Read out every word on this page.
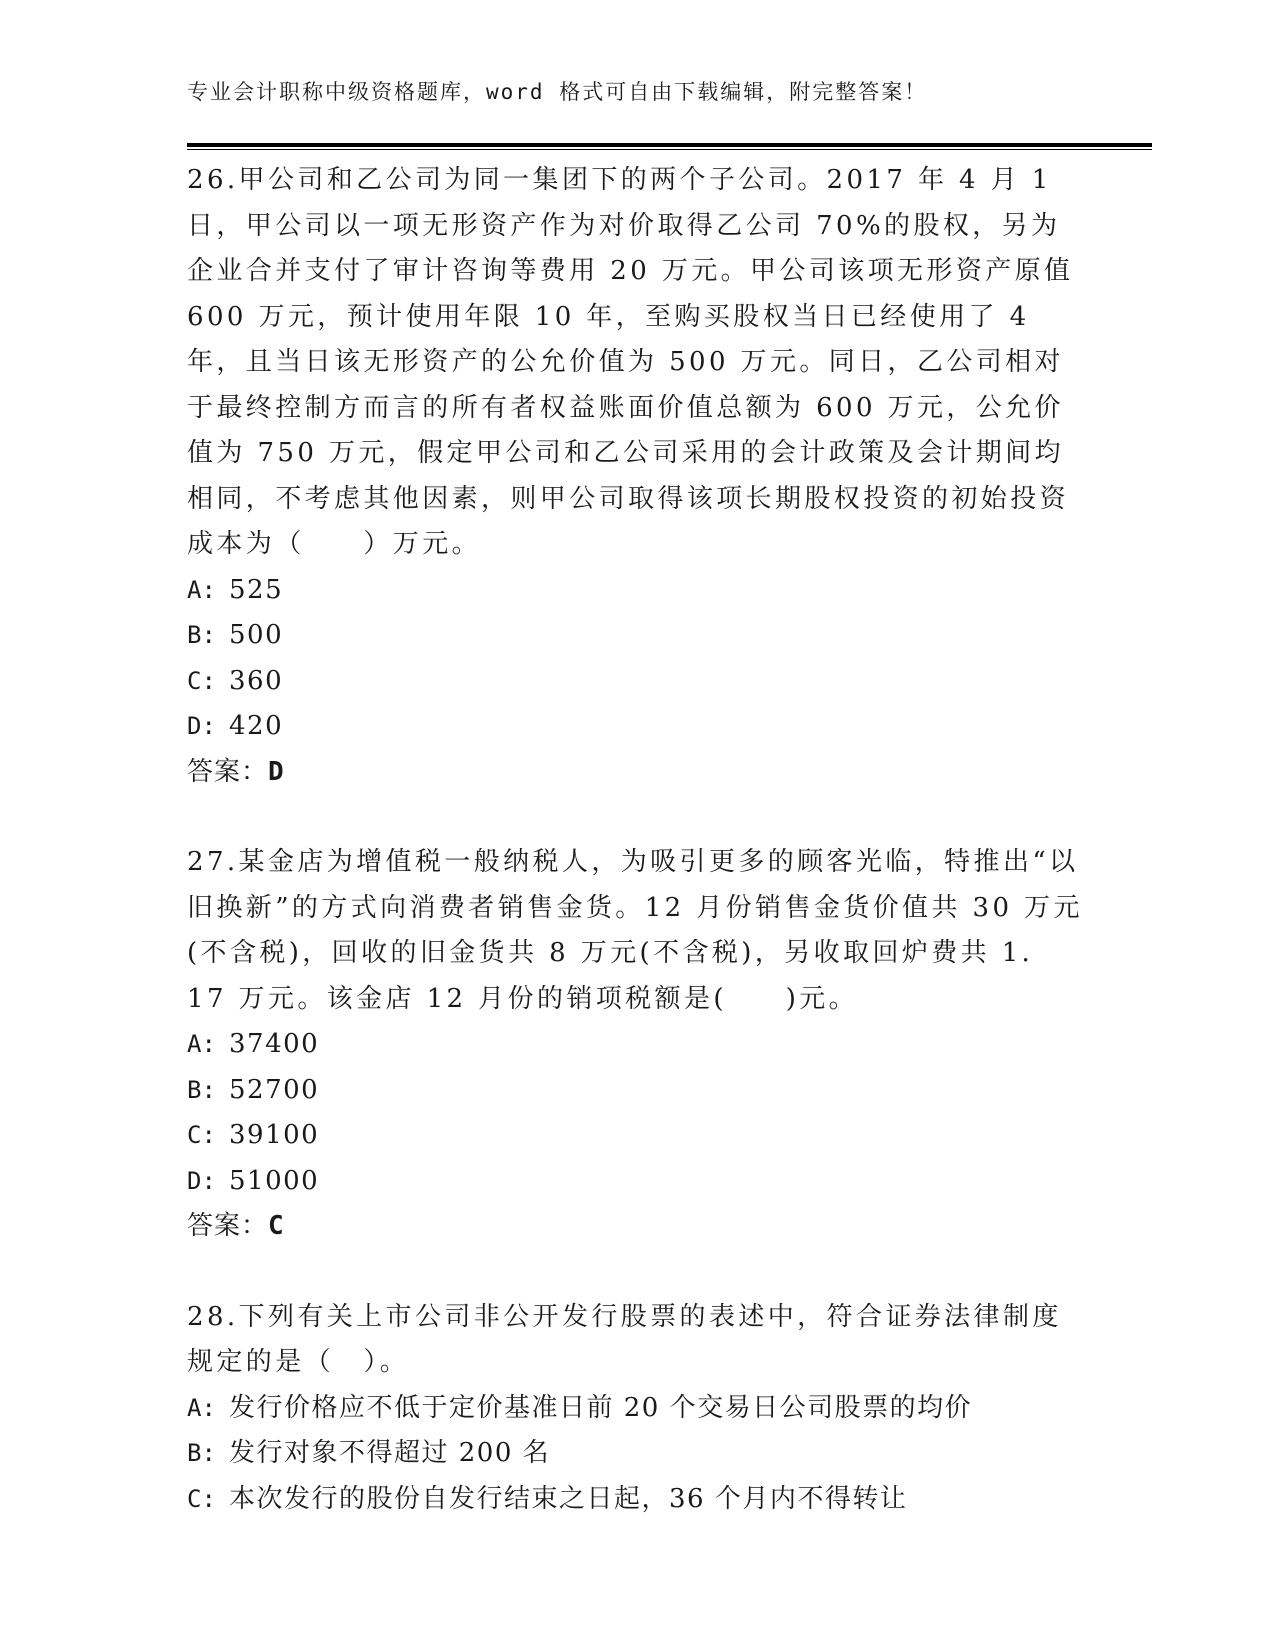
专业会计职称中级资格题库，word 格式可自由下载编辑，附完整答案！

26.甲公司和乙公司为同一集团下的两个子公司。2017 年 4 月 1 日，甲公司以一项无形资产作为对价取得乙公司 70%的股权，另为企业合并支付了审计咨询等费用 20 万元。甲公司该项无形资产原值 600 万元，预计使用年限 10 年，至购买股权当日已经使用了 4 年，且当日该无形资产的公允价值为 500 万元。同日，乙公司相对于最终控制方而言的所有者权益账面价值总额为 600 万元，公允价值为 750 万元，假定甲公司和乙公司采用的会计政策及会计期间均相同，不考虑其他因素，则甲公司取得该项长期股权投资的初始投资成本为（　　）万元。

A: 525

B: 500

C: 360

D: 420

答案：D

27.某金店为增值税一般纳税人，为吸引更多的顾客光临，特推出“以旧换新”的方式向消费者销售金货。12 月份销售金货价值共 30 万元(不含税)，回收的旧金货共 8 万元(不含税)，另收取回炉费共 1．17 万元。该金店 12 月份的销项税额是(　　)元。

A: 37400

B: 52700

C: 39100

D: 51000

答案：C

28.下列有关上市公司非公开发行股票的表述中，符合证券法律制度规定的是（　）。

A: 发行价格应不低于定价基准日前 20 个交易日公司股票的均价

B: 发行对象不得超过 200 名

C: 本次发行的股份自发行结束之日起，36 个月内不得转让
